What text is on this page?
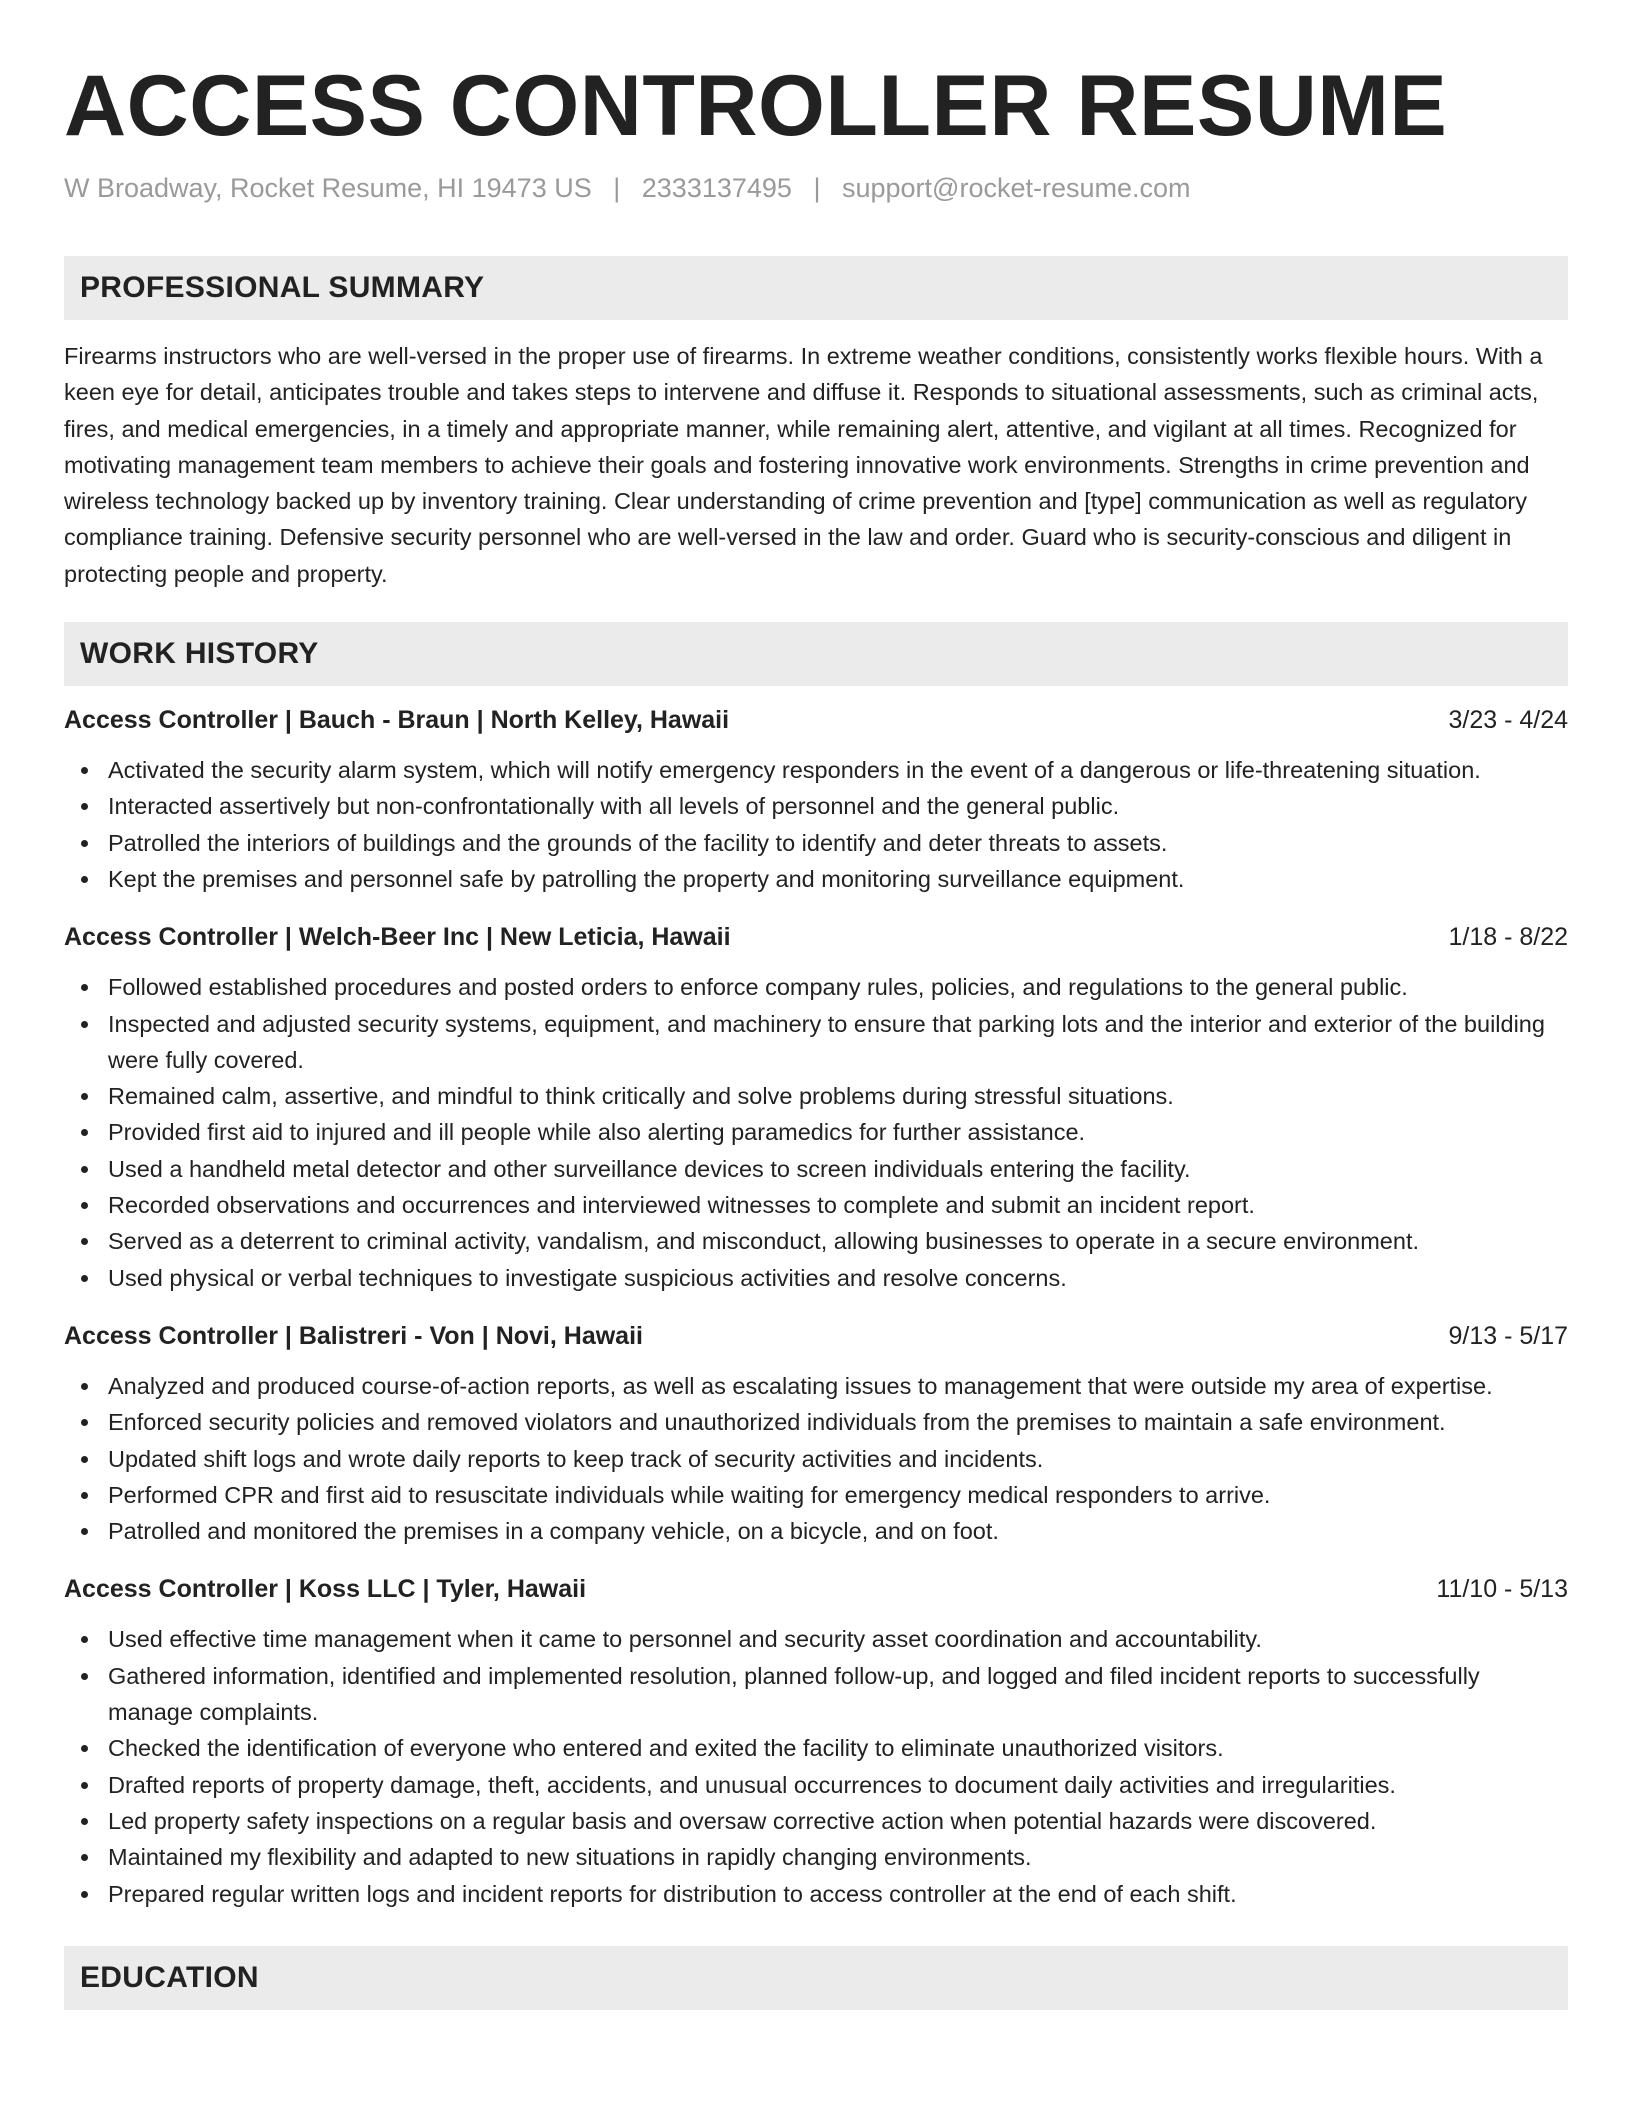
ACCESS CONTROLLER RESUME
W Broadway, Rocket Resume, HI 19473 US | 2333137495 | support@rocket-resume.com
PROFESSIONAL SUMMARY

Firearms instructors who are well-versed in the proper use of firearms. In extreme weather conditions, consistently works flexible hours. With a keen eye for detail, anticipates trouble and takes steps to intervene and diffuse it. Responds to situational assessments, such as criminal acts, fires, and medical emergencies, in a timely and appropriate manner, while remaining alert, attentive, and vigilant at all times. Recognized for motivating management team members to achieve their goals and fostering innovative work environments. Strengths in crime prevention and wireless technology backed up by inventory training. Clear understanding of crime prevention and [type] communication as well as regulatory compliance training. Defensive security personnel who are well-versed in the law and order. Guard who is security-conscious and diligent in protecting people and property.

WORK HISTORY
Access Controller | Bauch - Braun | North Kelley, Hawaii	3/23 - 4/24
Activated the security alarm system, which will notify emergency responders in the event of a dangerous or life-threatening situation.
Interacted assertively but non-confrontationally with all levels of personnel and the general public.
Patrolled the interiors of buildings and the grounds of the facility to identify and deter threats to assets.
Kept the premises and personnel safe by patrolling the property and monitoring surveillance equipment.
Access Controller | Welch-Beer Inc | New Leticia, Hawaii	1/18 - 8/22
Followed established procedures and posted orders to enforce company rules, policies, and regulations to the general public.
Inspected and adjusted security systems, equipment, and machinery to ensure that parking lots and the interior and exterior of the building were fully covered.
Remained calm, assertive, and mindful to think critically and solve problems during stressful situations.
Provided first aid to injured and ill people while also alerting paramedics for further assistance.
Used a handheld metal detector and other surveillance devices to screen individuals entering the facility.
Recorded observations and occurrences and interviewed witnesses to complete and submit an incident report.
Served as a deterrent to criminal activity, vandalism, and misconduct, allowing businesses to operate in a secure environment.
Used physical or verbal techniques to investigate suspicious activities and resolve concerns.
Access Controller | Balistreri - Von | Novi, Hawaii	9/13 - 5/17
Analyzed and produced course-of-action reports, as well as escalating issues to management that were outside my area of expertise.
Enforced security policies and removed violators and unauthorized individuals from the premises to maintain a safe environment.
Updated shift logs and wrote daily reports to keep track of security activities and incidents.
Performed CPR and first aid to resuscitate individuals while waiting for emergency medical responders to arrive.
Patrolled and monitored the premises in a company vehicle, on a bicycle, and on foot.
Access Controller | Koss LLC | Tyler, Hawaii	11/10 - 5/13
Used effective time management when it came to personnel and security asset coordination and accountability.
Gathered information, identified and implemented resolution, planned follow-up, and logged and filed incident reports to successfully manage complaints.
Checked the identification of everyone who entered and exited the facility to eliminate unauthorized visitors.
Drafted reports of property damage, theft, accidents, and unusual occurrences to document daily activities and irregularities.
Led property safety inspections on a regular basis and oversaw corrective action when potential hazards were discovered.
Maintained my flexibility and adapted to new situations in rapidly changing environments.
Prepared regular written logs and incident reports for distribution to access controller at the end of each shift.
EDUCATION
